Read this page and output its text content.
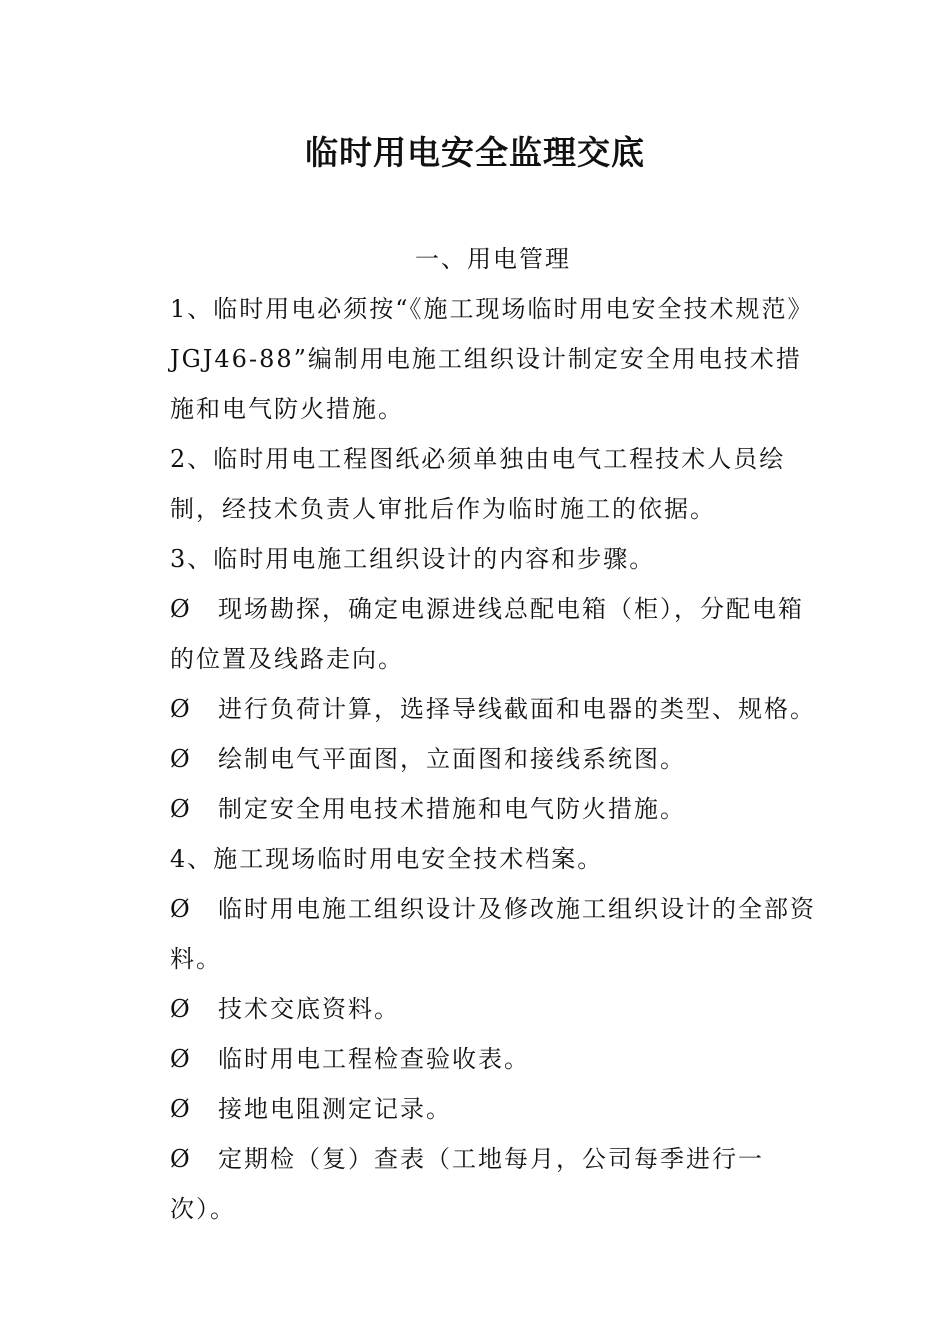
临时用电安全监理交底

一、用电管理

1、临时用电必须按“《施工现场临时用电安全技术规范》JGJ46-88”编制用电施工组织设计制定安全用电技术措施和电气防火措施。

2、临时用电工程图纸必须单独由电气工程技术人员绘制，经技术负责人审批后作为临时施工的依据。

3、临时用电施工组织设计的内容和步骤。

Ø 现场勘探，确定电源进线总配电箱（柜），分配电箱的位置及线路走向。

Ø 进行负荷计算，选择导线截面和电器的类型、规格。

Ø 绘制电气平面图，立面图和接线系统图。

Ø 制定安全用电技术措施和电气防火措施。

4、施工现场临时用电安全技术档案。

Ø 临时用电施工组织设计及修改施工组织设计的全部资料。

Ø 技术交底资料。

Ø 临时用电工程检查验收表。

Ø 接地电阻测定记录。

Ø 定期检（复）查表（工地每月，公司每季进行一次）。
